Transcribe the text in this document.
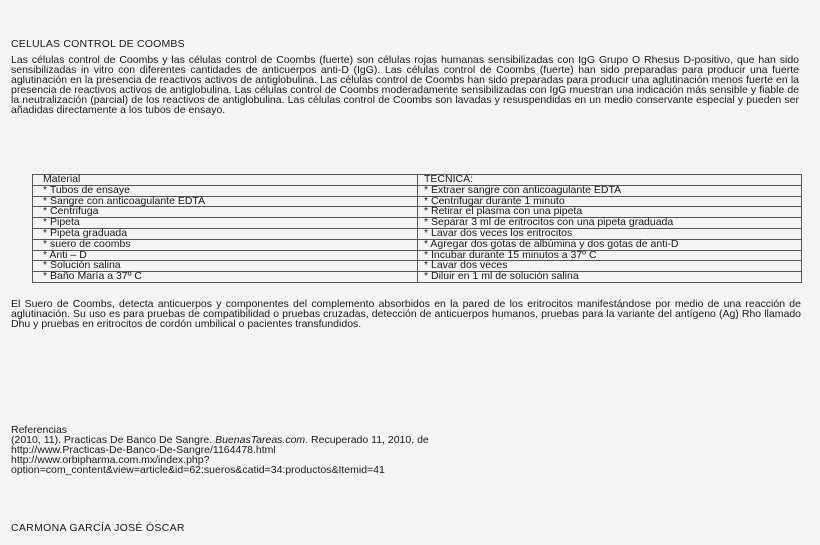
CELULAS CONTROL DE COOMBS
Las células control de Coombs y las células control de Coombs (fuerte) son células rojas humanas sensibilizadas con IgG Grupo O Rhesus D-positivo, que han sido sensibilizadas in vitro con diferentes cantidades de anticuerpos anti-D (IgG). Las células control de Coombs (fuerte) han sido preparadas para producir una fuerte aglutinación en la presencia de reactivos activos de antiglobulina. Las células control de Coombs han sido preparadas para producir una aglutinación menos fuerte en la presencia de reactivos activos de antiglobulina. Las células control de Coombs moderadamente sensibilizadas con IgG muestran una indicación más sensible y fiable de la neutralización (parcial) de los reactivos de antiglobulina. Las células control de Coombs son lavadas y resuspendidas en un medio conservante especial y pueden ser añadidas directamente a los tubos de ensayo.
Material	TECNICA:
* Tubos de ensaye	* Extraer sangre con anticoagulante EDTA
* Sangre con anticoagulante EDTA	* Centrifugar durante 1 minuto
* Centrifuga	* Retirar el plasma con una pipeta
* Pipeta	* Separar 3 ml de eritrocitos con una pipeta graduada
* Pipeta graduada	* Lavar dos veces los eritrocitos
* suero de coombs	* Agregar dos gotas de albúmina y dos gotas de anti-D
* Anti – D	* Incubar durante 15 minutos a 37º C
* Solución salina	* Lavar dos veces
* Baño María a 37º C	* Diluir en 1 ml de solución salina
El Suero de Coombs, detecta anticuerpos y componentes del complemento absorbidos en la pared de los eritrocitos manifestándose por medio de una reacción de aglutinación. Su uso es para pruebas de compatibilidad o pruebas cruzadas, detección de anticuerpos humanos, pruebas para la variante del antígeno (Ag) Rho llamado Dhu y pruebas en eritrocitos de cordón umbilical o pacientes transfundidos.
Referencias
(2010, 11). Practicas De Banco De Sangre. BuenasTareas.com. Recuperado 11, 2010, de
http://www.Practicas-De-Banco-De-Sangre/1164478.html
http://www.orbipharma.com.mx/index.php?
option=com_content&view=article&id=62:sueros&catid=34:productos&Itemid=41
CARMONA GARCÍA JOSÉ ÓSCAR
